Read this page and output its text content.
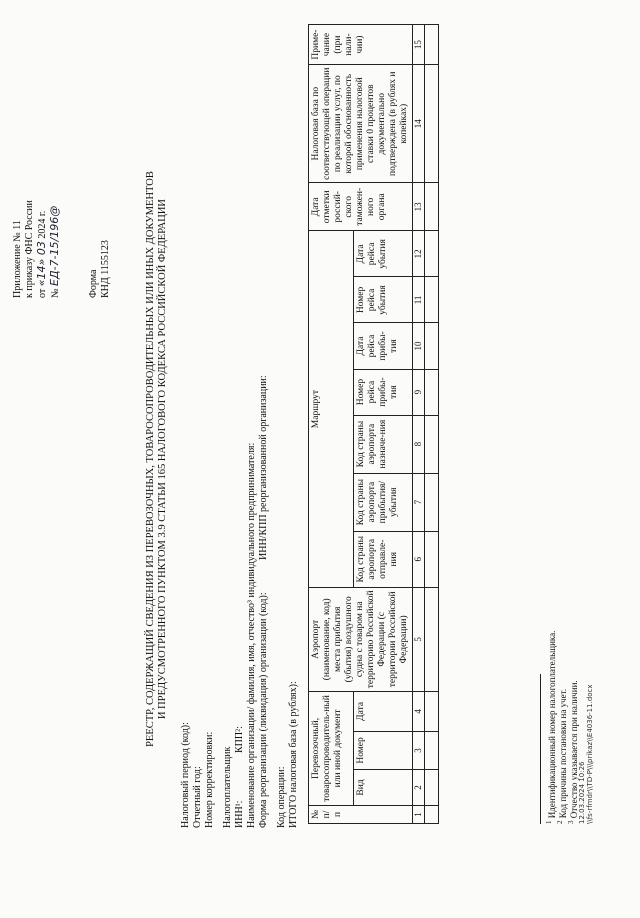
Приложение № 11 к приказу ФНС России от «14» 03 2024 г.
№ ЕД-7-15/196@	Форма КНД 1155123	РЕЕСТР, СОДЕРЖАЩИЙ СВЕДЕНИЯ ИЗ ПЕРЕВОЗОЧНЫХ, ТОВАРОСОПРОВОДИТЕЛЬНЫХ ИЛИ ИНЫХ ДОКУМЕНТОВ И ПРЕДУСМОТРЕННОГО ПУНКТОМ 3.9 СТАТЬИ 165 НАЛОГОВОГО КОДЕКСА РОССИЙСКОЙ ФЕДЕРАЦИИ
Налоговый период (код): Отчетный год: Номер корректировки: Налогоплательщик ИНН¹:
КПП²: Наименование организации/ фамилия, имя, отчество³ индивидуального предпринимателя: Форма реорганизации (ликвидация) организации (код):
ИНН/КПП реорганизованной организации:
Код операции: ИТОГО налоговая база (в рублях): № п/ п	Перевозочный, товаросопроводитель-ный или иной документ			Аэропорт (наименование, код) места прибытия (убытия) воздушного судна с товаром на территорию Российской Федерации (с территории Российской Федерации)	Маршрут							Дата отметки россий-ского таможен-ного органа	Налоговая база по соответствующей операции по реализации услуг, по которой обоснованность применения налоговой ставки 0 процентов документально подтверждена (в рублях и копейках)	Приме-чание (при нали-чии)
	Вид	Номер	Дата		Код страны аэропорта отправле-ния	Код страны аэропорта прибытия/ убытия	Код страны аэропорта назначе-ния	Номер рейса прибы-тия	Дата рейса прибы-тия	Номер рейса убытия	Дата рейса убытия			
1	2	3	4	5	6	7	8	9	10	11	12	13	14	15

$^1$ Идентификационный номер налогоплательщика.
$^2$ Код причины постановки на учет.
$^3$ Отчество указывается при наличии. 12.03.2024 10:26 \\fs-rfmdr\\TD-P\\\prikaz\\E4036-11.docx
